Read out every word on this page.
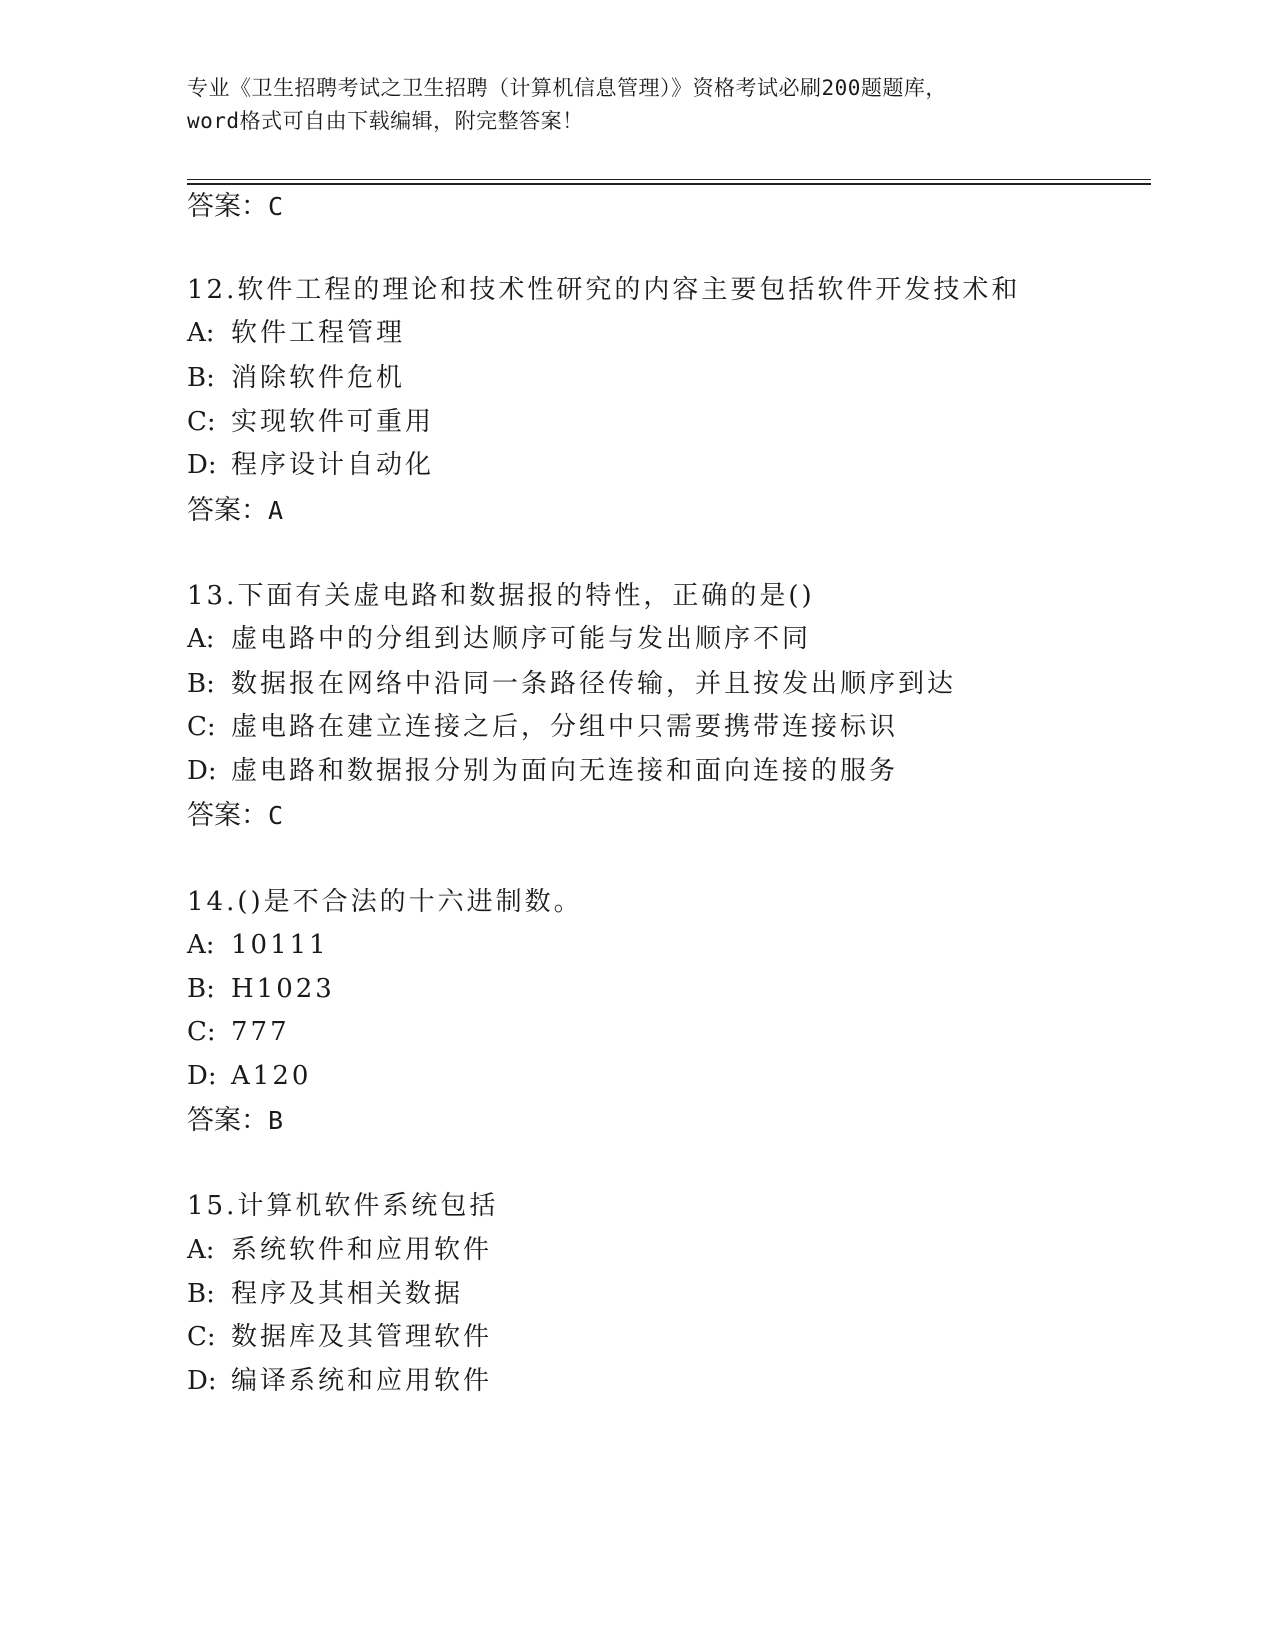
专业《卫生招聘考试之卫生招聘（计算机信息管理）》资格考试必刷200题题库，
word格式可自由下载编辑，附完整答案！
答案：C
12.软件工程的理论和技术性研究的内容主要包括软件开发技术和
A: 软件工程管理
B: 消除软件危机
C: 实现软件可重用
D: 程序设计自动化
答案：A
13.下面有关虚电路和数据报的特性，正确的是()
A: 虚电路中的分组到达顺序可能与发出顺序不同
B: 数据报在网络中沿同一条路径传输，并且按发出顺序到达
C: 虚电路在建立连接之后，分组中只需要携带连接标识
D: 虚电路和数据报分别为面向无连接和面向连接的服务
答案：C
14.()是不合法的十六进制数。
A: 10111
B: H1023
C: 777
D: A120
答案：B
15.计算机软件系统包括
A: 系统软件和应用软件
B: 程序及其相关数据
C: 数据库及其管理软件
D: 编译系统和应用软件
